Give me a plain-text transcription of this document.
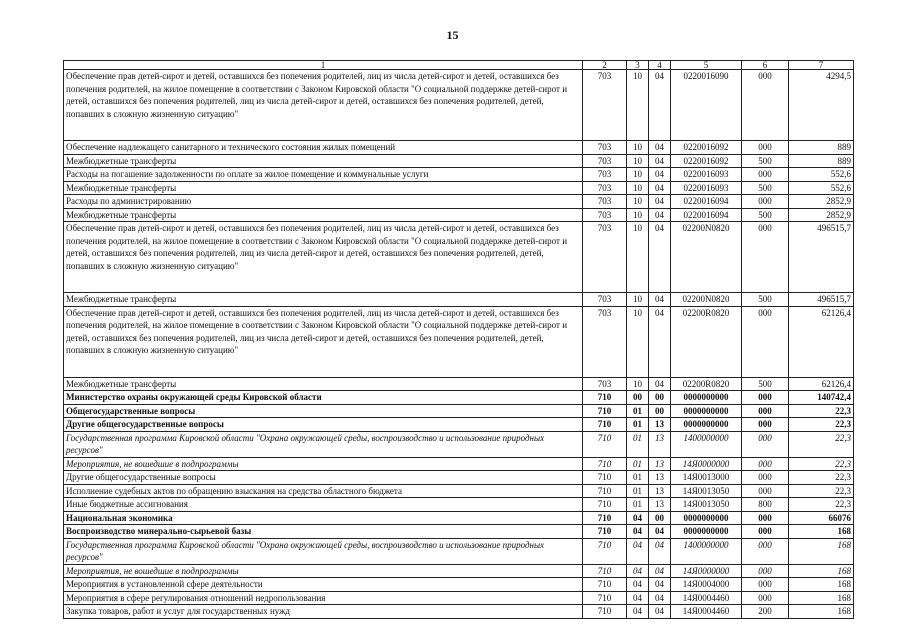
15
1	2	3	4	5	6	7
Обеспечение прав детей-сирот и детей, оставшихся без попечения родителей, лиц из числа детей-сирот и детей, оставшихся без попечения родителей, на жилое помещение в соответствии с Законом Кировской области "О социальной поддержке детей-сирот и детей, оставшихся без попечения родителей, лиц из числа детей-сирот и детей, оставшихся без попечения родителей, детей, попавших в сложную жизненную ситуацию"	703	10	04	0220016090	000	4294,5
Обеспечение надлежащего санитарного и технического состояния жилых помещений	703	10	04	0220016092	000	889
Межбюджетные трансферты	703	10	04	0220016092	500	889
Расходы на погашение задолженности по оплате за жилое помещение и коммунальные услуги	703	10	04	0220016093	000	552,6
Межбюджетные трансферты	703	10	04	0220016093	500	552,6
Расходы по администрированию	703	10	04	0220016094	000	2852,9
Межбюджетные трансферты	703	10	04	0220016094	500	2852,9
Обеспечение прав детей-сирот и детей, оставшихся без попечения родителей, лиц из числа детей-сирот и детей, оставшихся без попечения родителей, на жилое помещение в соответствии с Законом Кировской области "О социальной поддержке детей-сирот и детей, оставшихся без попечения родителей, лиц из числа детей-сирот и детей, оставшихся без попечения родителей, детей, попавших в сложную жизненную ситуацию"	703	10	04	02200N0820	000	496515,7
Межбюджетные трансферты	703	10	04	02200N0820	500	496515,7
Обеспечение прав детей-сирот и детей, оставшихся без попечения родителей, лиц из числа детей-сирот и детей, оставшихся без попечения родителей, на жилое помещение в соответствии с Законом Кировской области "О социальной поддержке детей-сирот и детей, оставшихся без попечения родителей, лиц из числа детей-сирот и детей, оставшихся без попечения родителей, детей, попавших в сложную жизненную ситуацию"	703	10	04	02200R0820	000	62126,4
Межбюджетные трансферты	703	10	04	02200R0820	500	62126,4
Министерство охраны окружающей среды Кировской области	710	00	00	0000000000	000	140742,4
Общегосударственные вопросы	710	01	00	0000000000	000	22,3
Другие общегосударственные вопросы	710	01	13	0000000000	000	22,3
Государственная программа Кировской области "Охрана окружающей среды, воспроизводство и использование природных ресурсов"	710	01	13	1400000000	000	22,3
Мероприятия, не вошедшие в подпрограммы	710	01	13	14Я0000000	000	22,3
Другие общегосударственные вопросы	710	01	13	14Я0013000	000	22,3
Исполнение судебных актов по обращению взыскания на средства областного бюджета	710	01	13	14Я0013050	000	22,3
Иные бюджетные ассигнования	710	01	13	14Я0013050	800	22,3
Национальная экономика	710	04	00	0000000000	000	66076
Воспроизводство минерально-сырьевой базы	710	04	04	0000000000	000	168
Государственная программа Кировской области "Охрана окружающей среды, воспроизводство и использование природных ресурсов"	710	04	04	1400000000	000	168
Мероприятия, не вошедшие в подпрограммы	710	04	04	14Я0000000	000	168
Мероприятия в установленной сфере деятельности	710	04	04	14Я0004000	000	168
Мероприятия в сфере регулирования отношений недропользования	710	04	04	14Я0004460	000	168
Закупка товаров, работ и услуг для государственных нужд	710	04	04	14Я0004460	200	168
